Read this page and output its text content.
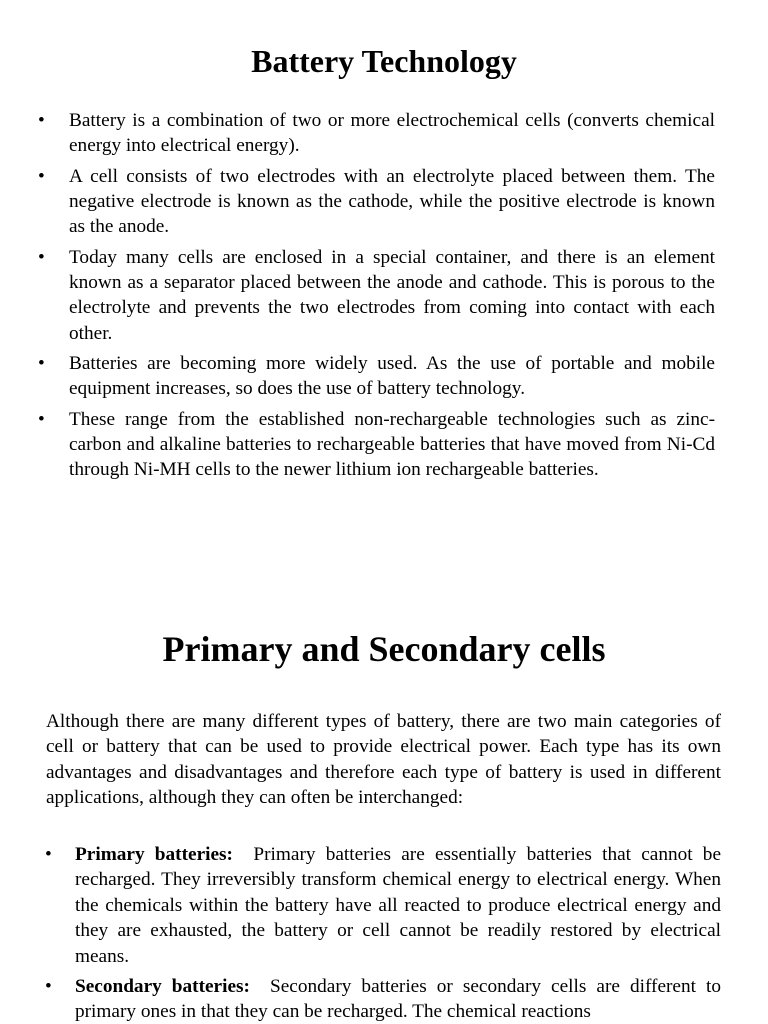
Battery Technology
• Battery is a combination of two or more electrochemical cells (converts chemical energy into electrical energy).
• A cell consists of two electrodes with an electrolyte placed between them. The negative electrode is known as the cathode, while the positive electrode is known as the anode.
• Today many cells are enclosed in a special container, and there is an element known as a separator placed between the anode and cathode. This is porous to the electrolyte and prevents the two electrodes from coming into contact with each other.
• Batteries are becoming more widely used. As the use of portable and mobile equipment increases, so does the use of battery technology.
• These range from the established non-rechargeable technologies such as zinc-carbon and alkaline batteries to rechargeable batteries that have moved from Ni-Cd through Ni-MH cells to the newer lithium ion rechargeable batteries.
Primary and Secondary cells

Although there are many different types of battery, there are two main categories of cell or battery that can be used to provide electrical power. Each type has its own advantages and disadvantages and therefore each type of battery is used in different applications, although they can often be interchanged:

• Primary batteries: Primary batteries are essentially batteries that cannot be recharged. They irreversibly transform chemical energy to electrical energy. When the chemicals within the battery have all reacted to produce electrical energy and they are exhausted, the battery or cell cannot be readily restored by electrical means.
• Secondary batteries: Secondary batteries or secondary cells are different to primary ones in that they can be recharged. The chemical reactions
